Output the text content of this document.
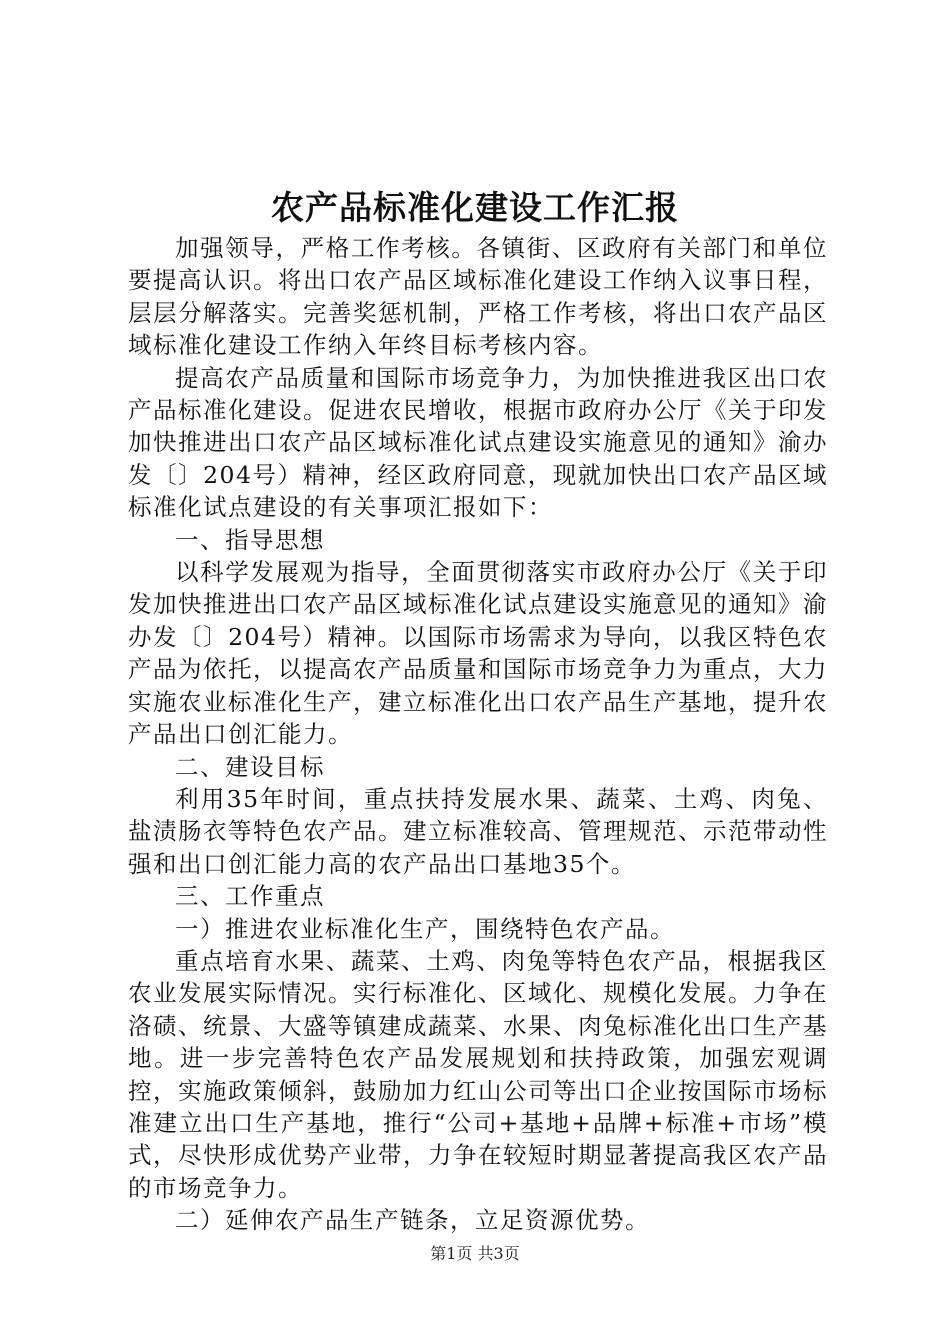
农产品标准化建设工作汇报

加强领导，严格工作考核。各镇街、区政府有关部门和单位要提高认识。将出口农产品区域标准化建设工作纳入议事日程，层层分解落实。完善奖惩机制，严格工作考核，将出口农产品区域标准化建设工作纳入年终目标考核内容。

提高农产品质量和国际市场竞争力，为加快推进我区出口农产品标准化建设。促进农民增收，根据市政府办公厅《关于印发加快推进出口农产品区域标准化试点建设实施意见的通知》渝办发〔〕204号）精神，经区政府同意，现就加快出口农产品区域标准化试点建设的有关事项汇报如下：

一、指导思想

以科学发展观为指导，全面贯彻落实市政府办公厅《关于印发加快推进出口农产品区域标准化试点建设实施意见的通知》渝办发〔〕204号）精神。以国际市场需求为导向，以我区特色农产品为依托，以提高农产品质量和国际市场竞争力为重点，大力实施农业标准化生产，建立标准化出口农产品生产基地，提升农产品出口创汇能力。

二、建设目标

利用35年时间，重点扶持发展水果、蔬菜、土鸡、肉兔、盐渍肠衣等特色农产品。建立标准较高、管理规范、示范带动性强和出口创汇能力高的农产品出口基地35个。

三、工作重点

一）推进农业标准化生产，围绕特色农产品。

重点培育水果、蔬菜、土鸡、肉兔等特色农产品，根据我区农业发展实际情况。实行标准化、区域化、规模化发展。力争在洛碛、统景、大盛等镇建成蔬菜、水果、肉兔标准化出口生产基地。进一步完善特色农产品发展规划和扶持政策，加强宏观调控，实施政策倾斜，鼓励加力红山公司等出口企业按国际市场标准建立出口生产基地，推行“公司+基地+品牌+标准+市场”模式，尽快形成优势产业带，力争在较短时期显著提高我区农产品的市场竞争力。

二）延伸农产品生产链条，立足资源优势。

第1页 共3页
